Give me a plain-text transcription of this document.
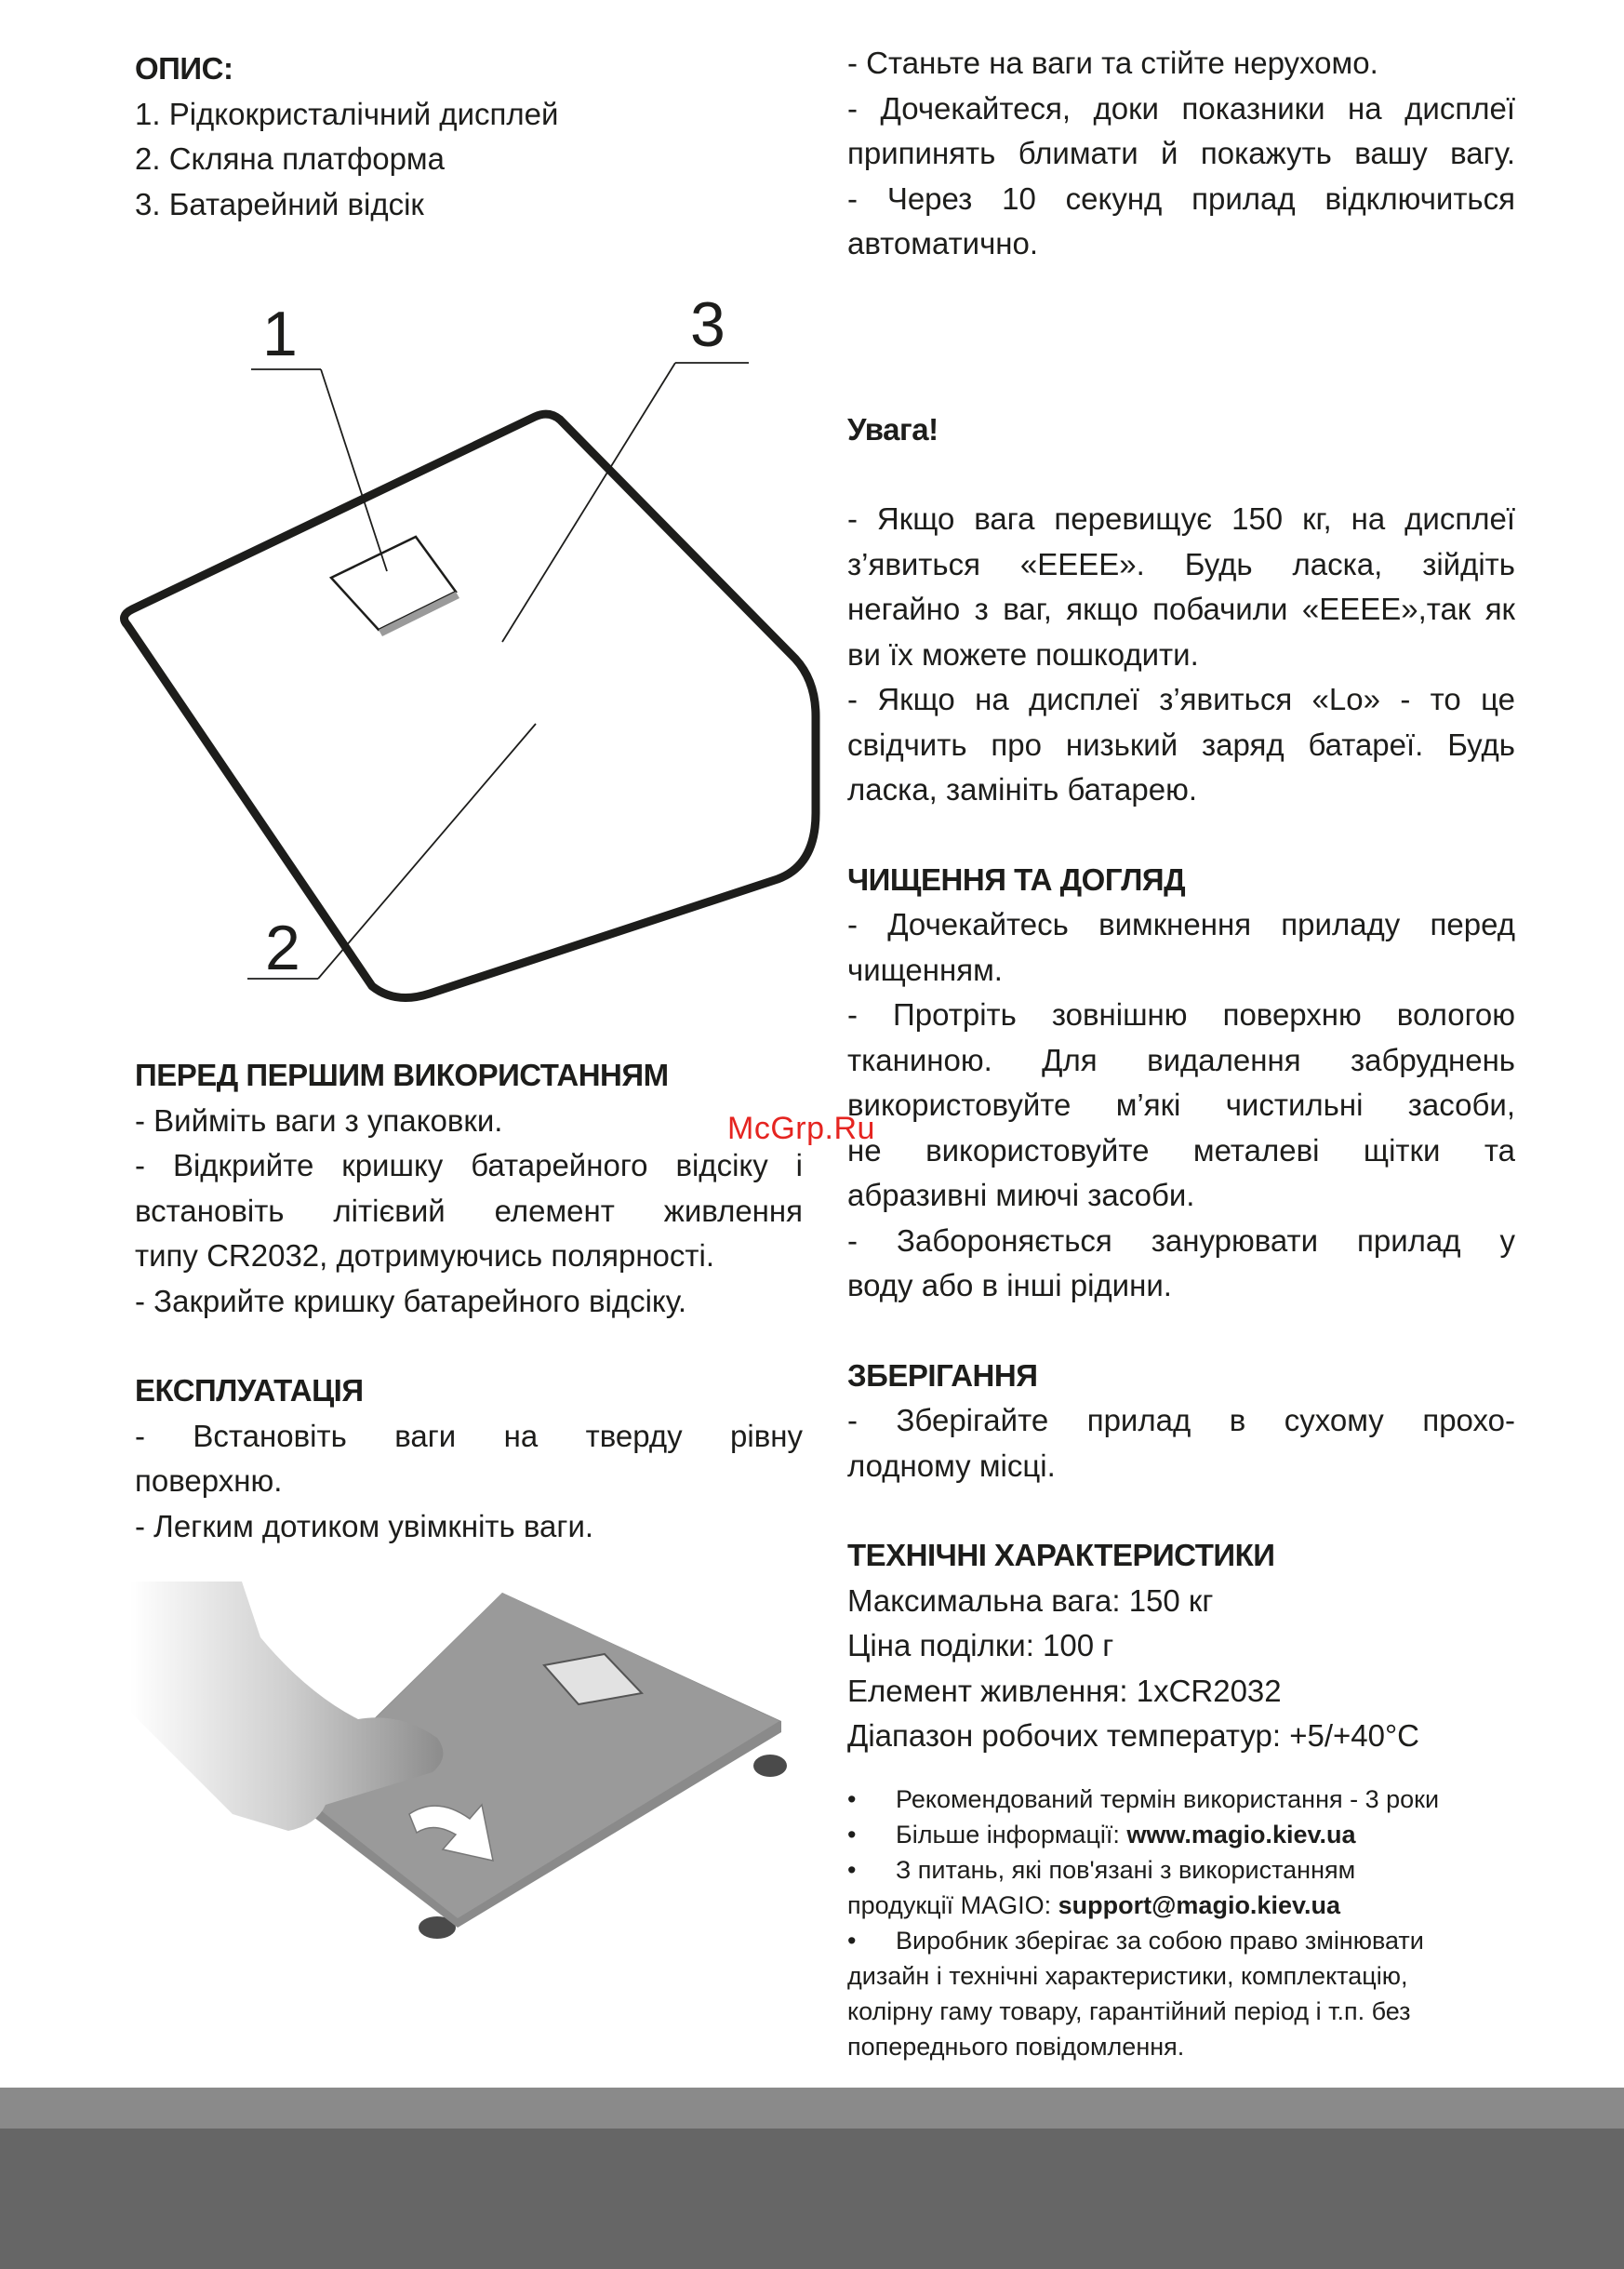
ОПИС:

1. Рідкокристалічний дисплей

2. Скляна платформа

3. Батарейний відсік

1
2
3

ПЕРЕД ПЕРШИМ ВИКОРИСТАННЯМ

- Вийміть ваги з упаковки.

- Відкрийте кришку батарейного відсіку і

встановіть літієвий елемент живлення

типу CR2032, дотримуючись полярності.

- Закрийте кришку батарейного відсіку.

ЕКСПЛУАТАЦІЯ

- Встановіть ваги на тверду рівну

поверхню.

- Легким дотиком увімкніть ваги.

- Станьте на ваги та стійте нерухомо.

- Дочекайтеся, доки показники на дисплеї

припинять блимати й покажуть вашу вагу.

- Через 10 секунд прилад відключиться

автоматично.

Увага!

- Якщо вага перевищує 150 кг, на дисплеї

з’явиться «ЕЕЕЕ». Будь ласка, зійдіть

негайно з ваг, якщо побачили «ЕЕЕЕ»,так як

ви їх можете пошкодити.

- Якщо на дисплеї з’явиться «Lo» - то це

свідчить про низький заряд батареї. Будь

ласка, замініть батарею.

ЧИЩЕННЯ ТА ДОГЛЯД

- Дочекайтесь вимкнення приладу перед

чищенням.

- Протріть зовнішню поверхню вологою

тканиною. Для видалення забруднень

використовуйте м’які чистильні засоби,

не використовуйте металеві щітки та

абразивні миючі засоби.

- Забороняється занурювати прилад у

воду або в інші рідини.

ЗБЕРІГАННЯ

- Зберігайте прилад в сухому прохо-

лодному місці.

ТЕХНІЧНІ ХАРАКТЕРИСТИКИ

Максимальна вага: 150 кг

Ціна поділки: 100 г

Елемент живлення: 1xCR2032

Діапазон робочих температур: +5/+40°C

• Рекомендований термін використання - 3 роки

• Більше інформації: www.magio.kiev.ua

• З питань, які пов'язані з використанням

продукції MAGIO: support@magio.kiev.ua

• Виробник зберігає за собою право змінювати

дизайн і технічні характеристики, комплектацію,

колірну гаму товару, гарантійний період і т.п. без

попереднього повідомлення.

McGrp.Ru
